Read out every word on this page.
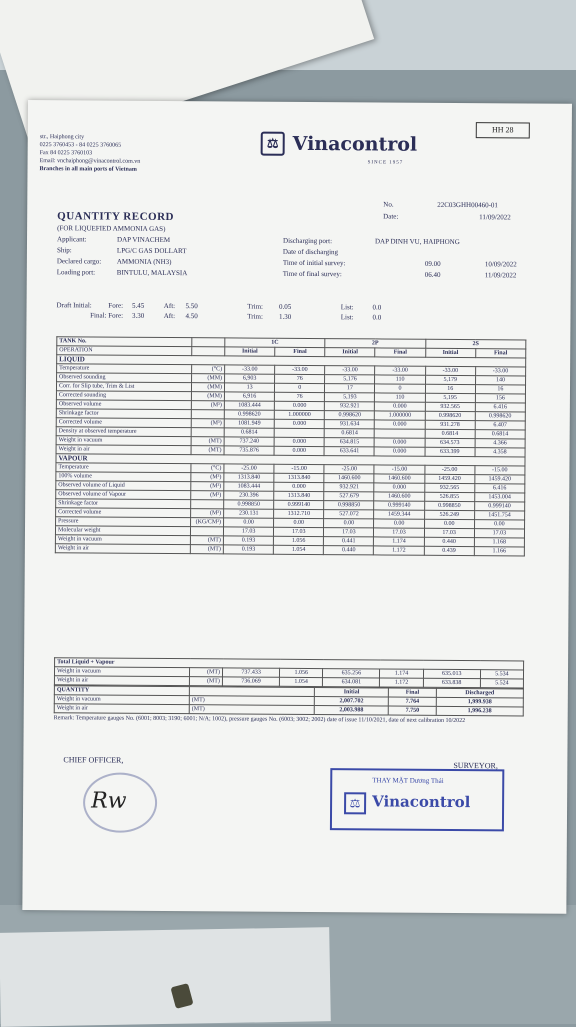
HH 28
str., Haiphong city
0225 3760453 - 84 0225 3760065
Fax 84 0225 3760103
Email: vnchaiphong@vinacontrol.com.vn
Branches in all main ports of Vietnam
⚖ Vinacontrol
SINCE 1957
No.	22C03GHH00460-01
Date:	11/09/2022
QUANTITY RECORD
(FOR LIQUEFIED AMMONIA GAS)
Applicant:	DAP VINACHEM
Ship:	LPG/C GAS DOLLART
Declared cargo: AMMONIA (NH3)
Loading port:	BINTULU, MALAYSIA
Discharging port:	DAP DINH VU, HAIPHONG
Date of discharging
Time of initial survey:	09.00	10/09/2022
Time of final survey:	06.40	11/09/2022
Draft Initial: Fore: 5.45	Aft: 5.50	Trim: 0.05	List:	0.0
Final: Fore: 3.30	Aft: 4.50	Trim: 1.30	List:	0.0
TANK No.		1C		2P		2S	
OPERATION		Initial	Final	Initial	Final	Initial	Final
LIQUID							
Temperature	(°C)	-33.00	-33.00	-33.00	-33.00	-33.00	-33.00
Observed sounding	(MM)	6,903	76	5,176	110	5,179	140
Corr. for Slip tube, Trim & List	(MM)	13	0	17	0	16	16
Corrected sounding	(MM)	6,916	76	5,193	110	5,195	156
Observed volume	(M³)	1083.444	0.000	932.921	0.000	932.565	6.416
Shrinkage factor		0.998620	1.000000	0.998620	1.000000	0.998620	0.998620
Corrected volume	(M³)	1081.949	0.000	931.634	0.000	931.278	6.407
Density at observed temperature		0.6814		0.6814		0.6814	0.6814
Weight in vacuum	(MT)	737.240	0.000	634.815	0.000	634.573	4.366
Weight in air	(MT)	735.876	0.000	633.641	0.000	633.399	4.358
VAPOUR							
Temperature	(°C)	-25.00	-15.00	-25.00	-15.00	-25.00	-15.00
100% volume	(M³)	1313.840	1313.840	1460.600	1460.600	1459.420	1459.420
Observed volume of Liquid	(M³)	1083.444	0.000	932.921	0.000	932.565	6.416
Observed volume of Vapour	(M³)	230.396	1313.840	527.679	1460.600	526.855	1453.004
Shrinkage factor		0.998850	0.999140	0.998850	0.999140	0.998850	0.999140
Corrected volume	(M³)	230.131	1312.710	527.072	1459.344	526.249	1451.754
Pressure	(KG/CM²)	0.00	0.00	0.00	0.00	0.00	0.00
Molecular weight		17.03	17.03	17.03	17.03	17.03	17.03
Weight in vacuum	(MT)	0.193	1.056	0.441	1.174	0.440	1.168
Weight in air	(MT)	0.193	1.054	0.440	1.172	0.439	1.166
Total Liquid + Vapour							
Weight in vacuum	(MT)	737.433	1.056	635.256	1.174	635.013	5.534
Weight in air	(MT)	736.069	1.054	634.081	1.172	633.838	5.524
QUANTITY		Initial	Final	Discharged
Weight in vacuum	(MT)	2,007.702	7.764	1,999.938
Weight in air	(MT)	2,003.988	7.750	1,996.238
Remark: Temperature gauges No. (6001; 8003; 3190; 6001; N/A; 1002), pressure gauges No. (6003; 3002; 2002) date of issue 11/10/2021, date of next calibration 10/2022
CHIEF OFFICER,
SURVEYOR,
Rw
THAY MẶT Dương Thái
⚖ Vinacontrol
